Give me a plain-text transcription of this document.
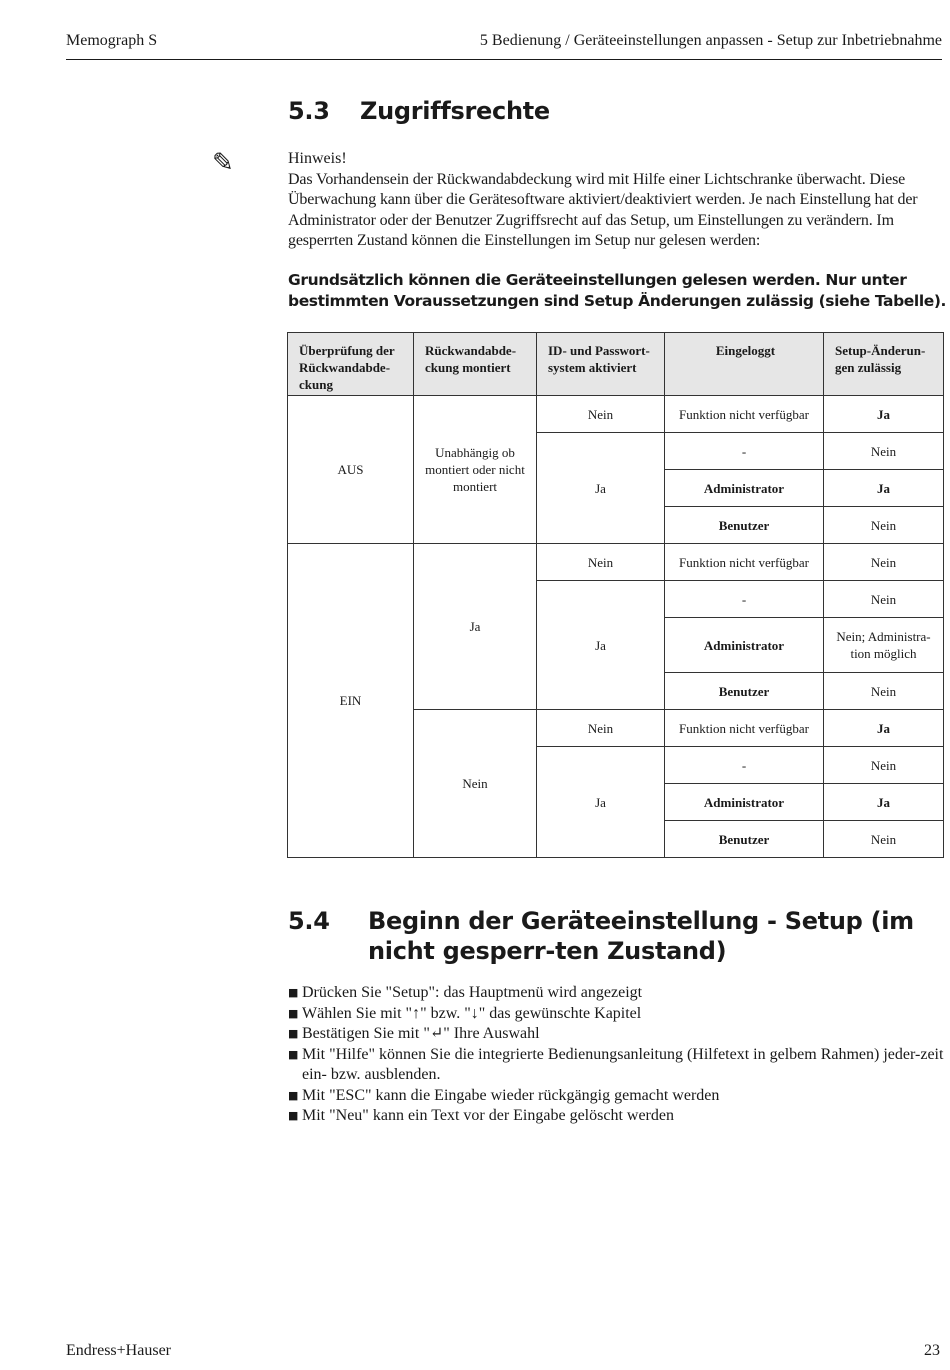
Memograph S	5 Bedienung / Geräteeinstellungen anpassen - Setup zur Inbetriebnahme
5.3 Zugriffsrechte
✎	Hinweis!
Das Vorhandensein der Rückwandabdeckung wird mit Hilfe einer Lichtschranke überwacht. Diese Überwachung kann über die Gerätesoftware aktiviert/deaktiviert werden. Je nach Einstellung hat der Administrator oder der Benutzer Zugriffsrecht auf das Setup, um Einstellungen zu verändern. Im gesperrten Zustand können die Einstellungen im Setup nur gelesen werden:
Grundsätzlich können die Geräteeinstellungen gelesen werden. Nur unter bestimmten Voraussetzungen sind Setup Änderungen zulässig (siehe Tabelle).
Überprüfung der Rückwandabde-ckung	Rückwandabde-ckung montiert	ID- und Passwort-system aktiviert	Eingeloggt	Setup-Änderun-gen zulässig
AUS	Unabhängig ob montiert oder nicht montiert	Nein	Funktion nicht verfügbar	Ja
		Ja	-	Nein
			Administrator	Ja
			Benutzer	Nein
EIN	Ja	Nein	Funktion nicht verfügbar	Nein
		Ja	-	Nein
			Administrator	Nein; Administra-tion möglich
			Benutzer	Nein
	Nein	Nein	Funktion nicht verfügbar	Ja
		Ja	-	Nein
			Administrator	Ja
			Benutzer	Nein
5.4 Beginn der Geräteeinstellung - Setup (im nicht gesperr-ten Zustand)
■ Drücken Sie "Setup": das Hauptmenü wird angezeigt
■ Wählen Sie mit "↑" bzw. "↓" das gewünschte Kapitel
■ Bestätigen Sie mit "↵" Ihre Auswahl
■ Mit "Hilfe" können Sie die integrierte Bedienungsanleitung (Hilfetext in gelbem Rahmen) jeder-zeit ein- bzw. ausblenden.
■ Mit "ESC" kann die Eingabe wieder rückgängig gemacht werden
■ Mit "Neu" kann ein Text vor der Eingabe gelöscht werden
Endress+Hauser	23
